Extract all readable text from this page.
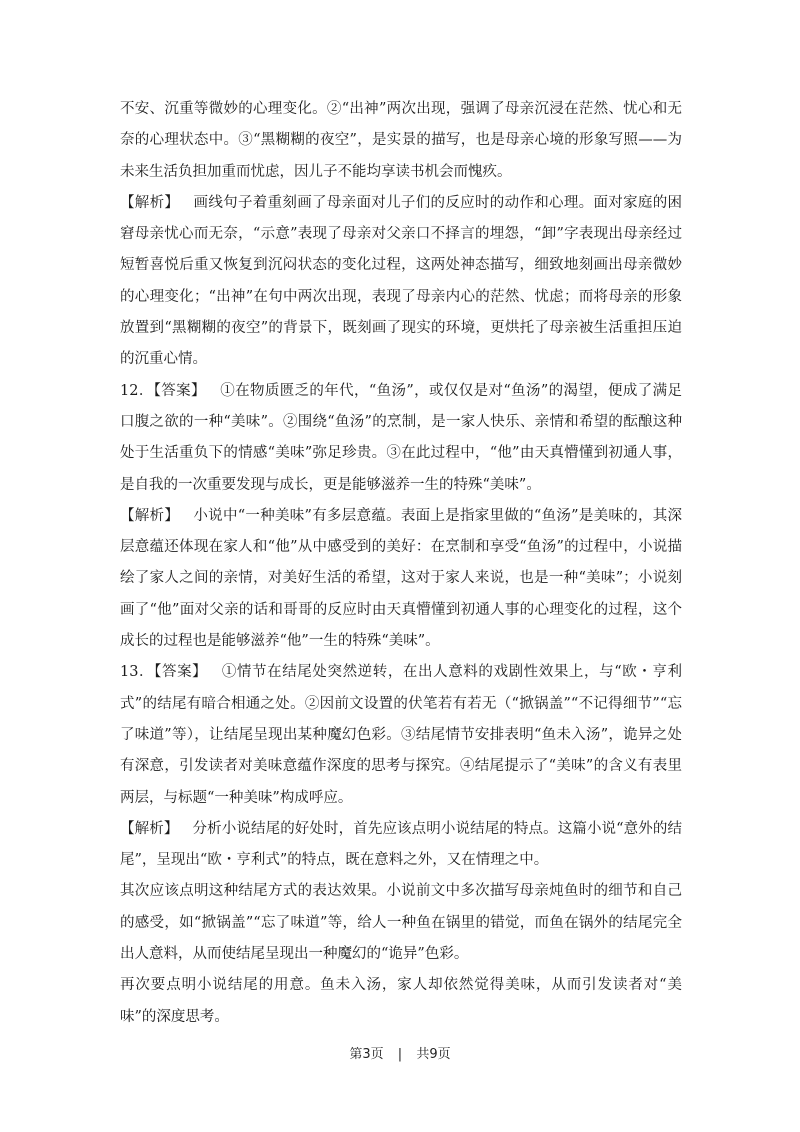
不安、沉重等微妙的心理变化。②“出神”两次出现，强调了母亲沉浸在茫然、忧心和无奈的心理状态中。③“黑糊糊的夜空”，是实景的描写，也是母亲心境的形象写照——为未来生活负担加重而忧虑，因儿子不能均享读书机会而愧疚。

【解析】 画线句子着重刻画了母亲面对儿子们的反应时的动作和心理。面对家庭的困窘母亲忧心而无奈，“示意”表现了母亲对父亲口不择言的埋怨，“卸”字表现出母亲经过短暂喜悦后重又恢复到沉闷状态的变化过程，这两处神态描写，细致地刻画出母亲微妙的心理变化；“出神”在句中两次出现，表现了母亲内心的茫然、忧虑；而将母亲的形象放置到“黑糊糊的夜空”的背景下，既刻画了现实的环境，更烘托了母亲被生活重担压迫的沉重心情。

12．【答案】 ①在物质匮乏的年代，“鱼汤”，或仅仅是对“鱼汤”的渴望，便成了满足口腹之欲的一种“美味”。②围绕“鱼汤”的烹制，是一家人快乐、亲情和希望的酝酿这种处于生活重负下的情感“美味”弥足珍贵。③在此过程中，“他”由天真懵懂到初通人事，是自我的一次重要发现与成长，更是能够滋养一生的特殊“美味”。

【解析】 小说中“一种美味”有多层意蕴。表面上是指家里做的“鱼汤”是美味的，其深层意蕴还体现在家人和“他”从中感受到的美好：在烹制和享受“鱼汤”的过程中，小说描绘了家人之间的亲情，对美好生活的希望，这对于家人来说，也是一种“美味”；小说刻画了“他”面对父亲的话和哥哥的反应时由天真懵懂到初通人事的心理变化的过程，这个成长的过程也是能够滋养“他”一生的特殊“美味”。

13．【答案】 ①情节在结尾处突然逆转，在出人意料的戏剧性效果上，与“欧・亨利式”的结尾有暗合相通之处。②因前文设置的伏笔若有若无（“掀锅盖”“不记得细节”“忘了味道”等），让结尾呈现出某种魔幻色彩。③结尾情节安排表明“鱼未入汤”，诡异之处有深意，引发读者对美味意蕴作深度的思考与探究。④结尾提示了“美味”的含义有表里两层，与标题“一种美味”构成呼应。

【解析】 分析小说结尾的好处时，首先应该点明小说结尾的特点。这篇小说“意外的结尾”，呈现出“欧・亨利式”的特点，既在意料之外，又在情理之中。

其次应该点明这种结尾方式的表达效果。小说前文中多次描写母亲炖鱼时的细节和自己的感受，如“掀锅盖”“忘了味道”等，给人一种鱼在锅里的错觉，而鱼在锅外的结尾完全出人意料，从而使结尾呈现出一种魔幻的“诡异”色彩。

再次要点明小说结尾的用意。鱼未入汤，家人却依然觉得美味，从而引发读者对“美味”的深度思考。

第3页 | 共9页
